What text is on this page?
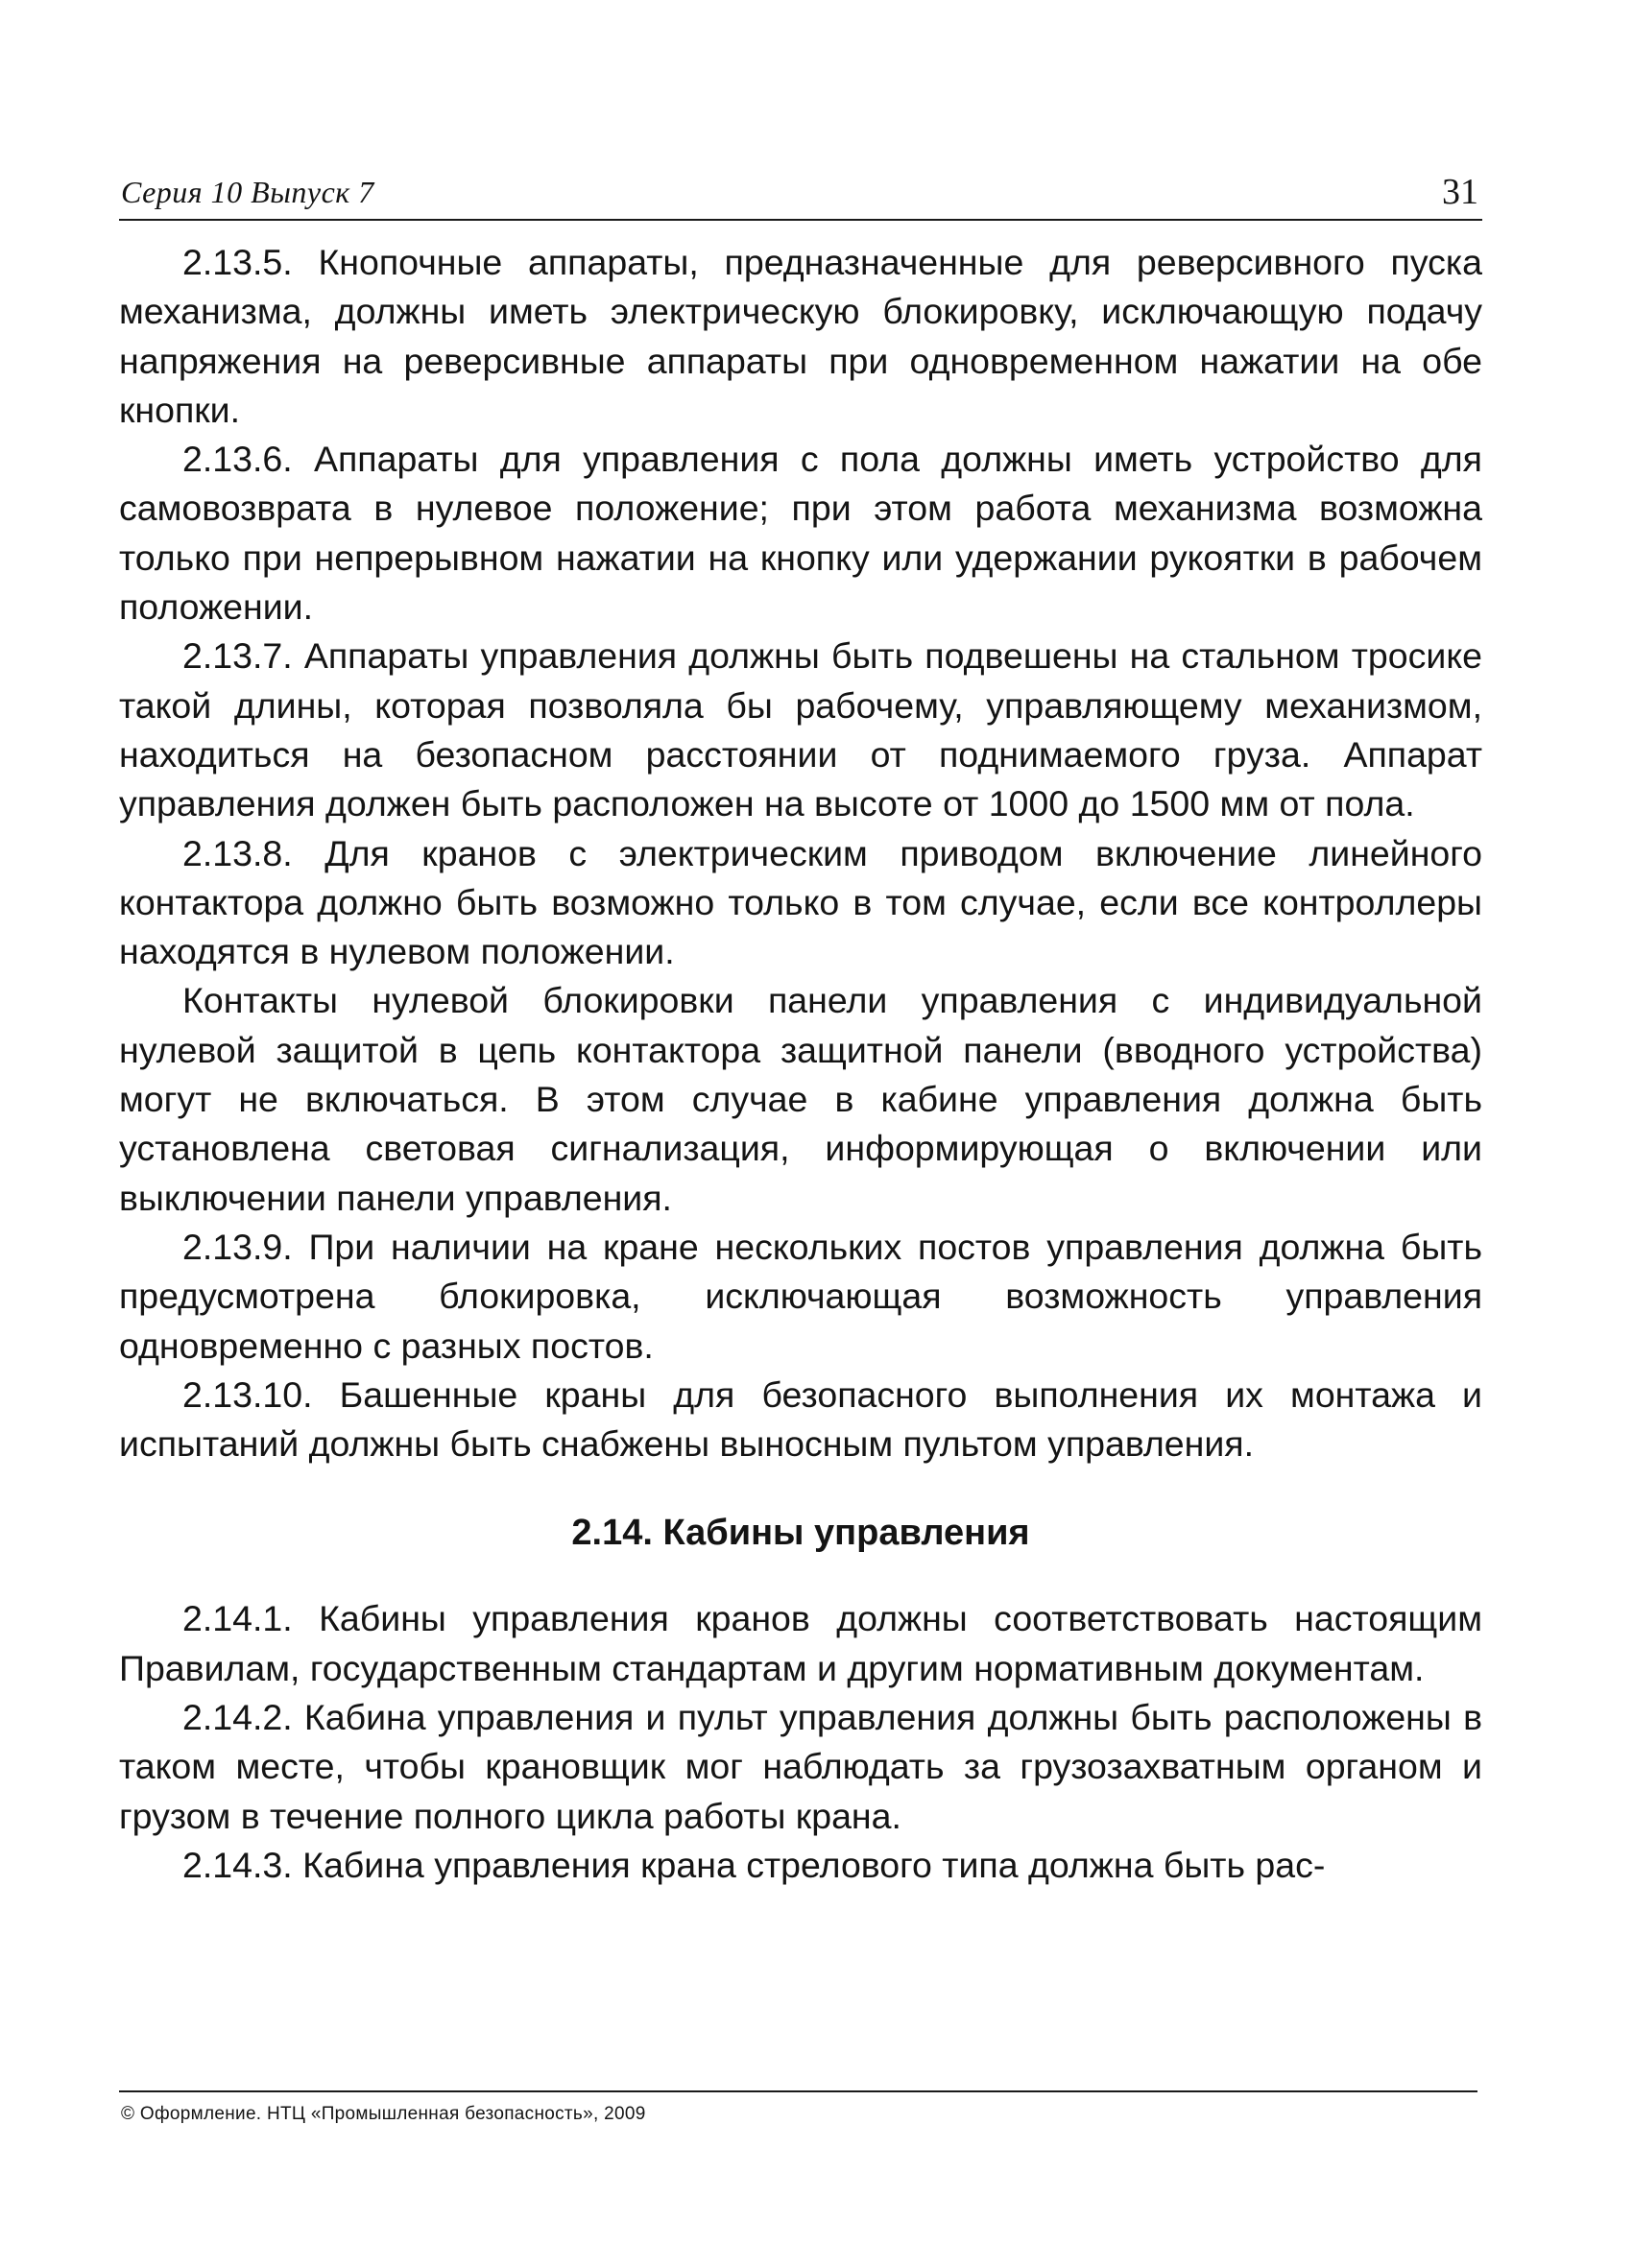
Серия 10 Выпуск 7	31

2.13.5. Кнопочные аппараты, предназначенные для реверсивного пуска механизма, должны иметь электрическую блокировку, исключающую подачу напряжения на реверсивные аппараты при одновременном нажатии на обе кнопки.

2.13.6. Аппараты для управления с пола должны иметь устройство для самовозврата в нулевое положение; при этом работа механизма возможна только при непрерывном нажатии на кнопку или удержании рукоятки в рабочем положении.

2.13.7. Аппараты управления должны быть подвешены на стальном тросике такой длины, которая позволяла бы рабочему, управляющему механизмом, находиться на безопасном расстоянии от поднимаемого груза. Аппарат управления должен быть расположен на высоте от 1000 до 1500 мм от пола.

2.13.8. Для кранов с электрическим приводом включение линейного контактора должно быть возможно только в том случае, если все контроллеры находятся в нулевом положении.

Контакты нулевой блокировки панели управления с индивидуальной нулевой защитой в цепь контактора защитной панели (вводного устройства) могут не включаться. В этом случае в кабине управления должна быть установлена световая сигнализация, информирующая о включении или выключении панели управления.

2.13.9. При наличии на кране нескольких постов управления должна быть предусмотрена блокировка, исключающая возможность управления одновременно с разных постов.

2.13.10. Башенные краны для безопасного выполнения их монтажа и испытаний должны быть снабжены выносным пультом управления.

2.14. Кабины управления

2.14.1. Кабины управления кранов должны соответствовать настоящим Правилам, государственным стандартам и другим нормативным документам.

2.14.2. Кабина управления и пульт управления должны быть расположены в таком месте, чтобы крановщик мог наблюдать за грузозахватным органом и грузом в течение полного цикла работы крана.

2.14.3. Кабина управления крана стрелового типа должна быть рас-

© Оформление. НТЦ «Промышленная безопасность», 2009
